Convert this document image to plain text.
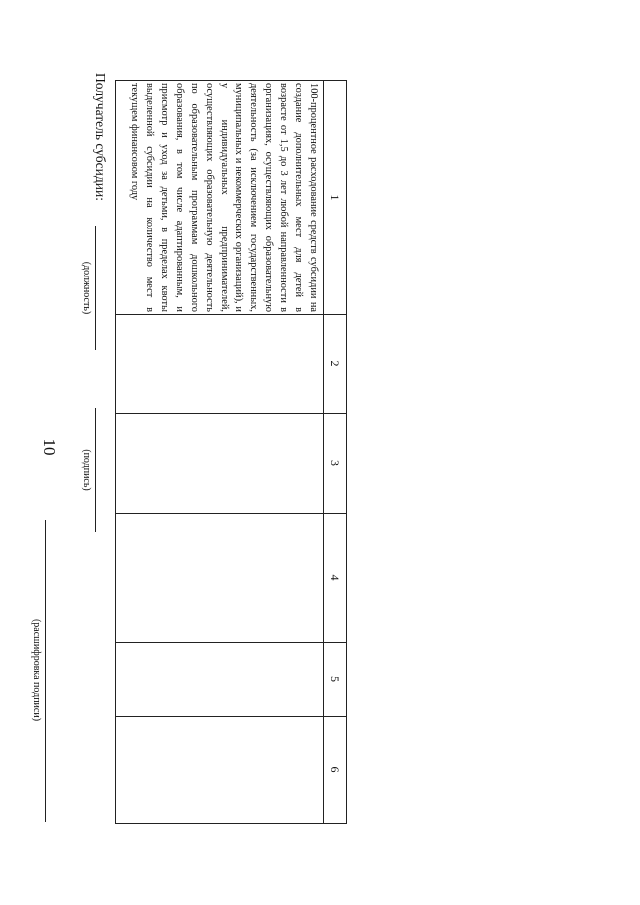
10
1
2
3
4
5
6

100-процентное расходование средств субсидии на создание дополнительных мест для детей в возрасте от 1,5 до 3 лет любой направленности в организациях, осуществляющих образовательную деятельность (за исключением государственных, муниципальных и некоммерческих организаций), и у индивидуальных предпринимателей, осуществляющих образовательную деятельность по образовательным программам дошкольного образования, в том числе адаптированным, и присмотр и уход за детьми, в пределах квоты выделенной субсидии на количество мест в текущем финансовом году

Получатель субсидии:
(должность)
(подпись)
(расшифровка подписи)
